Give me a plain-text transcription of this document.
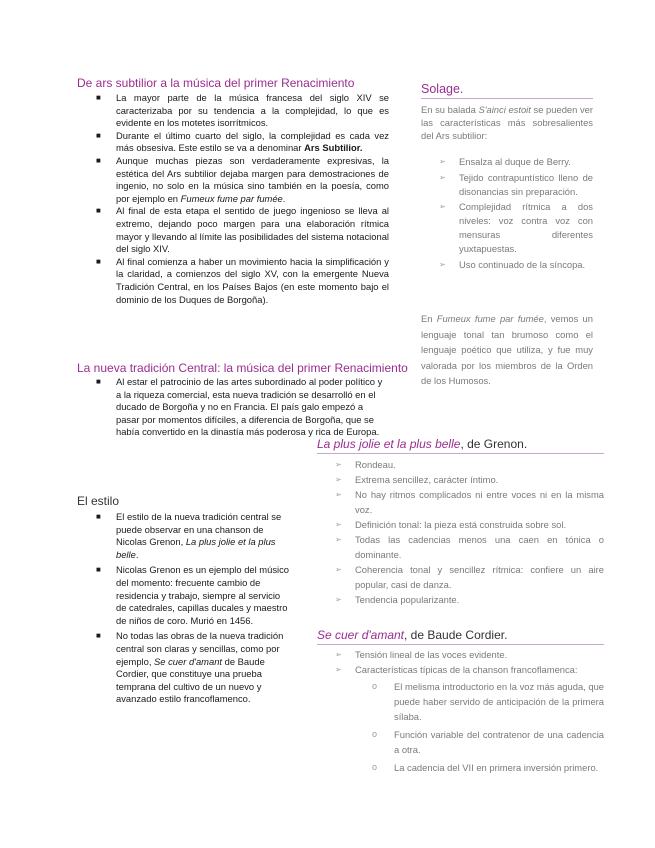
De ars subtilior a la música del primer Renacimiento
■ La mayor parte de la música francesa del siglo XIV se caracterizaba por su tendencia a la complejidad, lo que es evidente en los motetes isorrítmicos.
■ Durante el último cuarto del siglo, la complejidad es cada vez más obsesiva. Este estilo se va a denominar Ars Subtilior.
■ Aunque muchas piezas son verdaderamente expresivas, la estética del Ars subtilior dejaba margen para demostraciones de ingenio, no solo en la música sino también en la poesía, como por ejemplo en Fumeux fume par fumée.
■ Al final de esta etapa el sentido de juego ingenioso se lleva al extremo, dejando poco margen para una elaboración rítmica mayor y llevando al límite las posibilidades del sistema notacional del siglo XIV.
■ Al final comienza a haber un movimiento hacia la simplificación y la claridad, a comienzos del siglo XV, con la emergente Nueva Tradición Central, en los Países Bajos (en este momento bajo el dominio de los Duques de Borgoña).
La nueva tradición Central: la música del primer Renacimiento
■ Al estar el patrocinio de las artes subordinado al poder político y a la riqueza comercial, esta nueva tradición se desarrolló en el ducado de Borgoña y no en Francia. El país galo empezó a pasar por momentos difíciles, a diferencia de Borgoña, que se había convertido en la dinastía más poderosa y rica de Europa.
El estilo
■ El estilo de la nueva tradición central se puede observar en una chanson de Nicolas Grenon, La plus jolie et la plus belle.
■ Nicolas Grenon es un ejemplo del músico del momento: frecuente cambio de residencia y trabajo, siempre al servicio de catedrales, capillas ducales y maestro de niños de coro. Murió en 1456.
■ No todas las obras de la nueva tradición central son claras y sencillas, como por ejemplo, Se cuer d'amant de Baude Cordier, que constituye una prueba temprana del cultivo de un nuevo y avanzado estilo francoflamenco.
Solage.

En su balada S'ainci estoit se pueden ver las características más sobresalientes del Ars subtilior:

➢ Ensalza al duque de Berry.
➢ Tejido contrapuntístico lleno de disonancias sin preparación.
➢ Complejidad rítmica a dos niveles: voz contra voz con mensuras diferentes yuxtapuestas.
➢ Uso continuado de la síncopa.

En Fumeux fume par fumée, vemos un lenguaje tonal tan brumoso como el lenguaje poético que utiliza, y fue muy valorada por los miembros de la Orden de los Humosos.

La plus jolie et la plus belle, de Grenon.
➢ Rondeau.
➢ Extrema sencillez, carácter íntimo.
➢ No hay ritmos complicados ni entre voces ni en la misma voz.
➢ Definición tonal: la pieza está construida sobre sol.
➢ Todas las cadencias menos una caen en tónica o dominante.
➢ Coherencia tonal y sencillez rítmica: confiere un aire popular, casi de danza.
➢ Tendencia popularizante.
Se cuer d'amant, de Baude Cordier.
➢ Tensión lineal de las voces evidente.
➢ Características típicas de la chanson francoflamenca:
o El melisma introductorio en la voz más aguda, que puede haber servido de anticipación de la primera sílaba.
o Función variable del contratenor de una cadencia a otra.
o La cadencia del VII en primera inversión primero.
